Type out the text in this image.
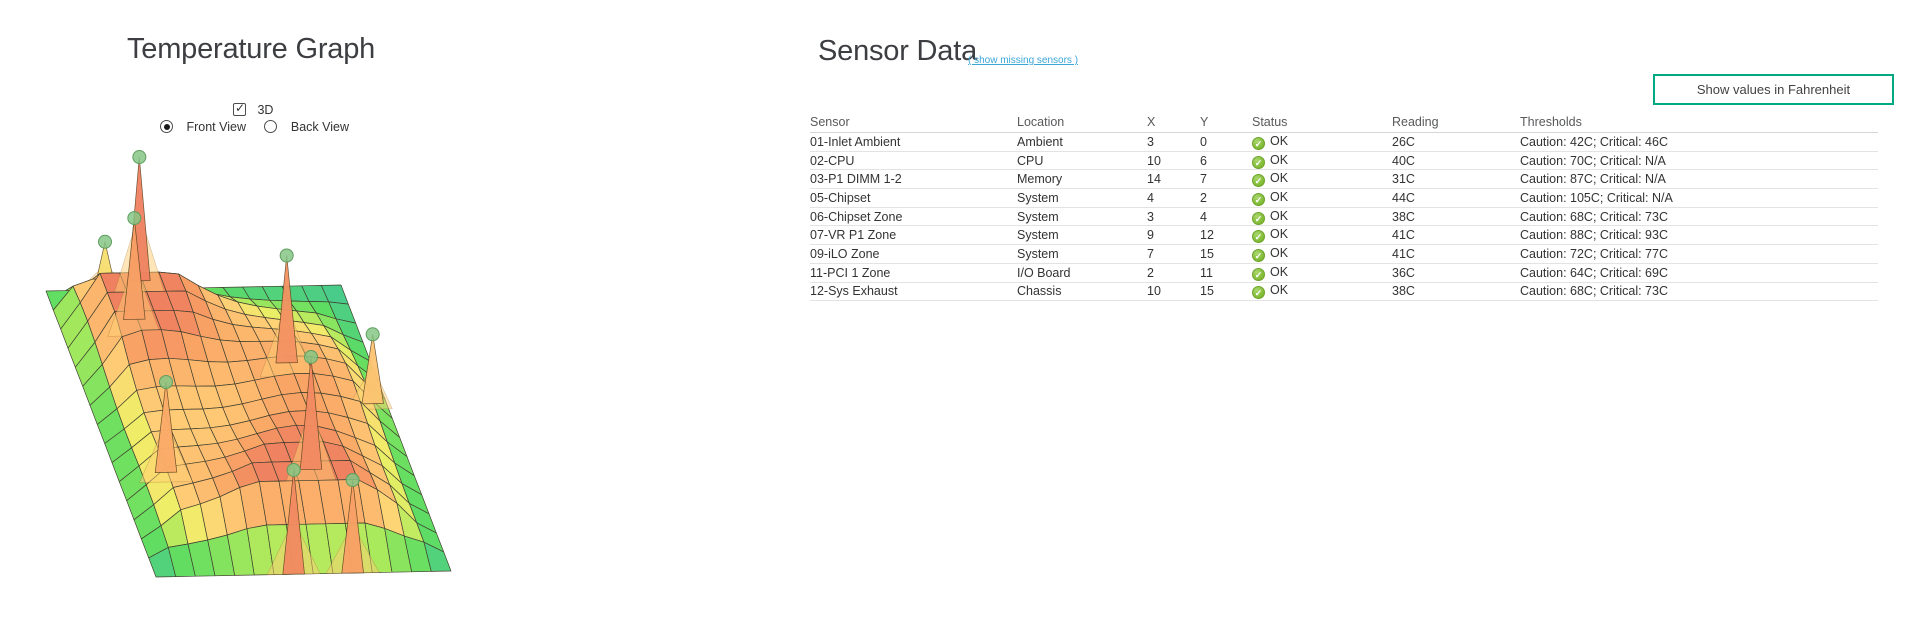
Temperature Graph
✓ 3D
Front View	Back View
Sensor Data
( show missing sensors )
Show values in Fahrenheit
Sensor	Location	X	Y	Status	Reading	Thresholds
01-Inlet Ambient	Ambient	3	0	✓ OK	26C	Caution: 42C; Critical: 46C
02-CPU	CPU	10	6	✓ OK	40C	Caution: 70C; Critical: N/A
03-P1 DIMM 1-2	Memory	14	7	✓ OK	31C	Caution: 87C; Critical: N/A
05-Chipset	System	4	2	✓ OK	44C	Caution: 105C; Critical: N/A
06-Chipset Zone	System	3	4	✓ OK	38C	Caution: 68C; Critical: 73C
07-VR P1 Zone	System	9	12	✓ OK	41C	Caution: 88C; Critical: 93C
09-iLO Zone	System	7	15	✓ OK	41C	Caution: 72C; Critical: 77C
11-PCI 1 Zone	I/O Board	2	11	✓ OK	36C	Caution: 64C; Critical: 69C
12-Sys Exhaust	Chassis	10	15	✓ OK	38C	Caution: 68C; Critical: 73C
